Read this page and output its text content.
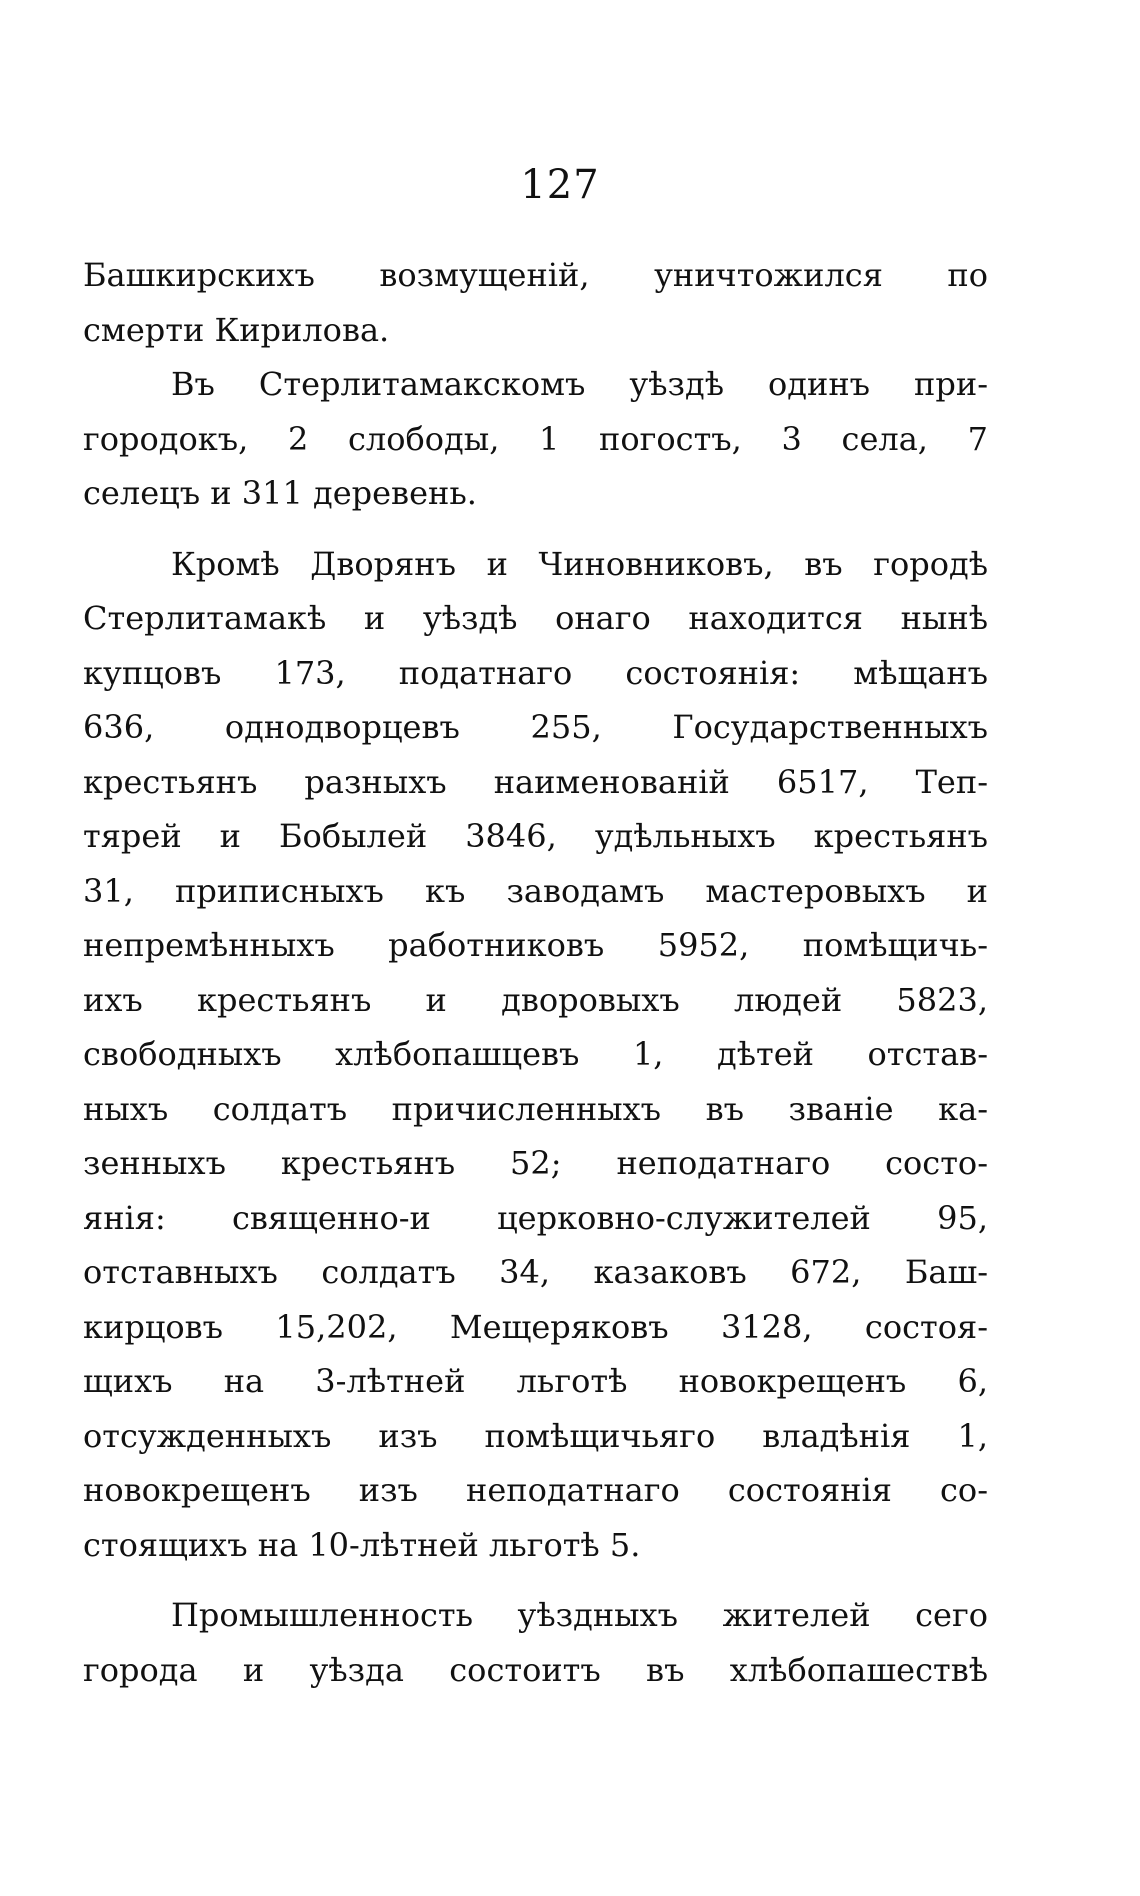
127
Башкирскихъ возмущеній, уничтожился по
смерти Кирилова.
Въ Стерлитамакскомъ уѣздѣ одинъ при-
городокъ, 2 слободы, 1 погостъ, 3 села, 7
селецъ и 311 деревень.
Кромѣ Дворянъ и Чиновниковъ, въ городѣ
Стерлитамакѣ и уѣздѣ онаго находится нынѣ
купцовъ 173, податнаго состоянія: мѣщанъ
636, однодворцевъ 255, Государственныхъ
крестьянъ разныхъ наименованій 6517, Теп-
тярей и Бобылей 3846, удѣльныхъ крестьянъ
31, приписныхъ къ заводамъ мастеровыхъ и
непремѣнныхъ работниковъ 5952, помѣщичь-
ихъ крестьянъ и дворовыхъ людей 5823,
свободныхъ хлѣбопашцевъ 1, дѣтей отстав-
ныхъ солдатъ причисленныхъ въ званіе ка-
зенныхъ крестьянъ 52; неподатнаго состо-
янія: священно-и церковно-служителей 95,
отставныхъ солдатъ 34, казаковъ 672, Баш-
кирцовъ 15,202, Мещеряковъ 3128, состоя-
щихъ на 3-лѣтней льготѣ новокрещенъ 6,
отсужденныхъ изъ помѣщичьяго владѣнія 1,
новокрещенъ изъ неподатнаго состоянія со-
стоящихъ на 10-лѣтней льготѣ 5.
Промышленность уѣздныхъ жителей сего
города и уѣзда состоитъ въ хлѣбопашествѣ
